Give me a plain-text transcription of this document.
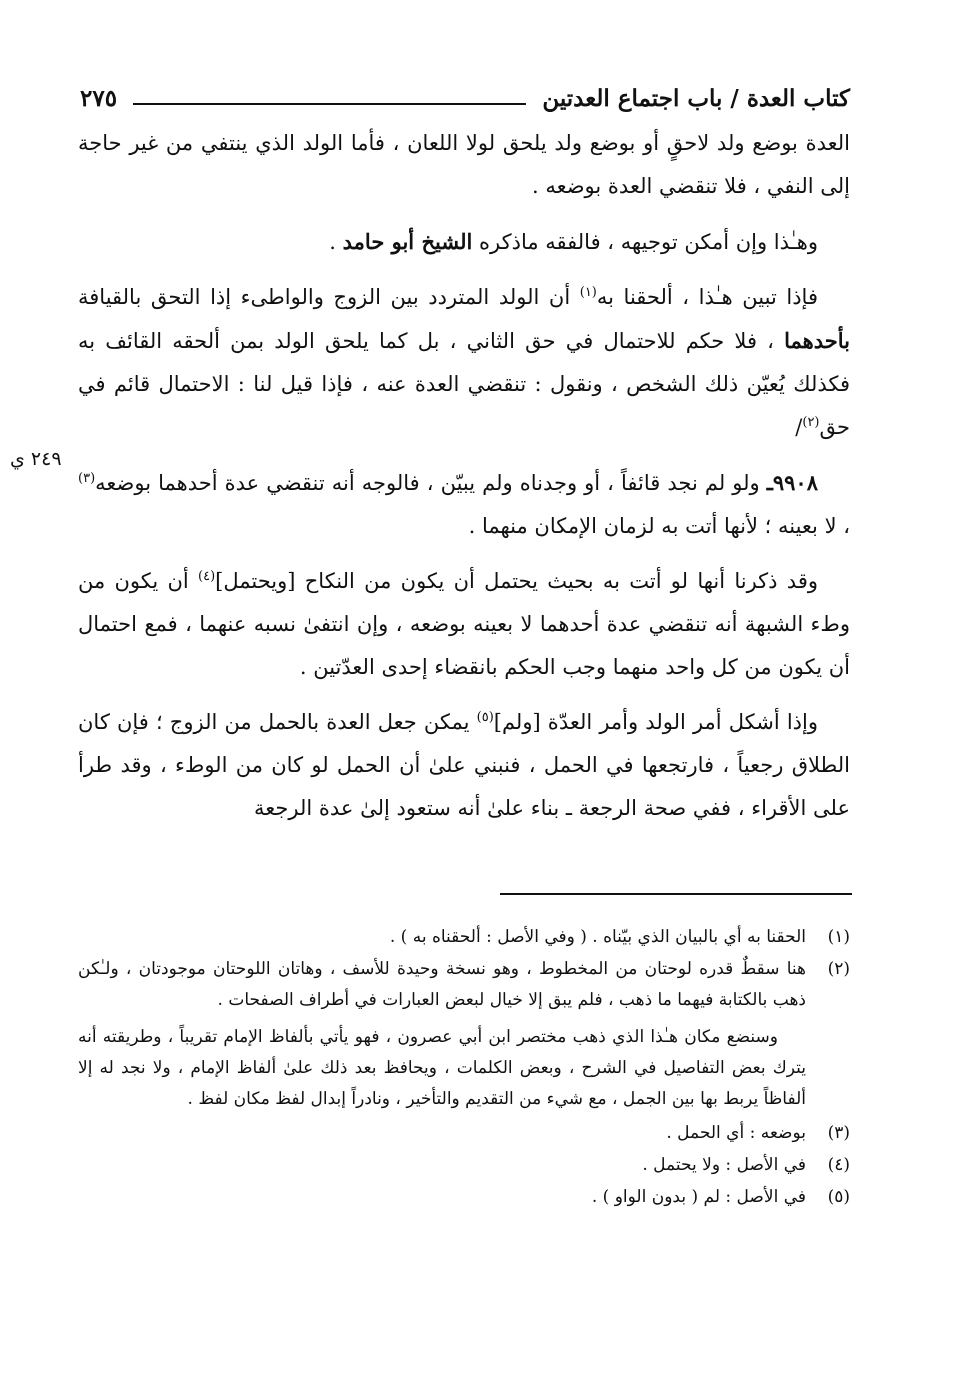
كتاب العدة / باب اجتماع العدتين
٢٧٥
٢٤٩ ي

العدة بوضع ولد لاحقٍ أو بوضع ولد يلحق لولا اللعان ، فأما الولد الذي ينتفي من غير حاجة إلى النفي ، فلا تنقضي العدة بوضعه .

وهـٰذا وإن أمكن توجيهه ، فالفقه ماذكره الشيخ أبو حامد .

فإذا تبين هـٰذا ، ألحقنا به$^{(١)}$ أن الولد المتردد بين الزوج والواطىء إذا التحق بالقيافة بأحدهما ، فلا حكم للاحتمال في حق الثاني ، بل كما يلحق الولد بمن ألحقه القائف به فكذلك يُعيّن ذلك الشخص ، ونقول : تنقضي العدة عنه ، فإذا قيل لنا : الاحتمال قائم في حق$^{(٢)}$/

٩٩٠٨ـ ولو لم نجد قائفاً ، أو وجدناه ولم يبيّن ، فالوجه أنه تنقضي عدة أحدهما بوضعه$^{(٣)}$ ، لا بعينه ؛ لأنها أتت به لزمان الإمكان منهما .

وقد ذكرنا أنها لو أتت به بحيث يحتمل أن يكون من النكاح [ويحتمل]$^{(٤)}$ أن يكون من وطء الشبهة أنه تنقضي عدة أحدهما لا بعينه بوضعه ، وإن انتفىٰ نسبه عنهما ، فمع احتمال أن يكون من كل واحد منهما وجب الحكم بانقضاء إحدى العدّتين .

وإذا أشكل أمر الولد وأمر العدّة [ولم]$^{(٥)}$ يمكن جعل العدة بالحمل من الزوج ؛ فإن كان الطلاق رجعياً ، فارتجعها في الحمل ، فنبني علىٰ أن الحمل لو كان من الوطء ، وقد طرأ على الأقراء ، ففي صحة الرجعة ـ بناء علىٰ أنه ستعود إلىٰ عدة الرجعة

(١)
الحقنا به أي بالبيان الذي بيّناه . ( وفي الأصل : ألحقناه به ) .
(٢)
هنا سقطٌ قدره لوحتان من المخطوط ، وهو نسخة وحيدة للأسف ، وهاتان اللوحتان موجودتان ، ولـٰكن ذهب بالكتابة فيهما ما ذهب ، فلم يبق إلا خيال لبعض العبارات في أطراف الصفحات .
وسنضع مكان هـٰذا الذي ذهب مختصر ابن أبي عصرون ، فهو يأتي بألفاظ الإمام تقريباً ، وطريقته أنه يترك بعض التفاصيل في الشرح ، وبعض الكلمات ، ويحافظ بعد ذلك علىٰ ألفاظ الإمام ، ولا نجد له إلا ألفاظاً يربط بها بين الجمل ، مع شيء من التقديم والتأخير ، ونادراً إبدال لفظ مكان لفظ .
(٣)
بوضعه : أي الحمل .
(٤)
في الأصل : ولا يحتمل .
(٥)
في الأصل : لم ( بدون الواو ) .
